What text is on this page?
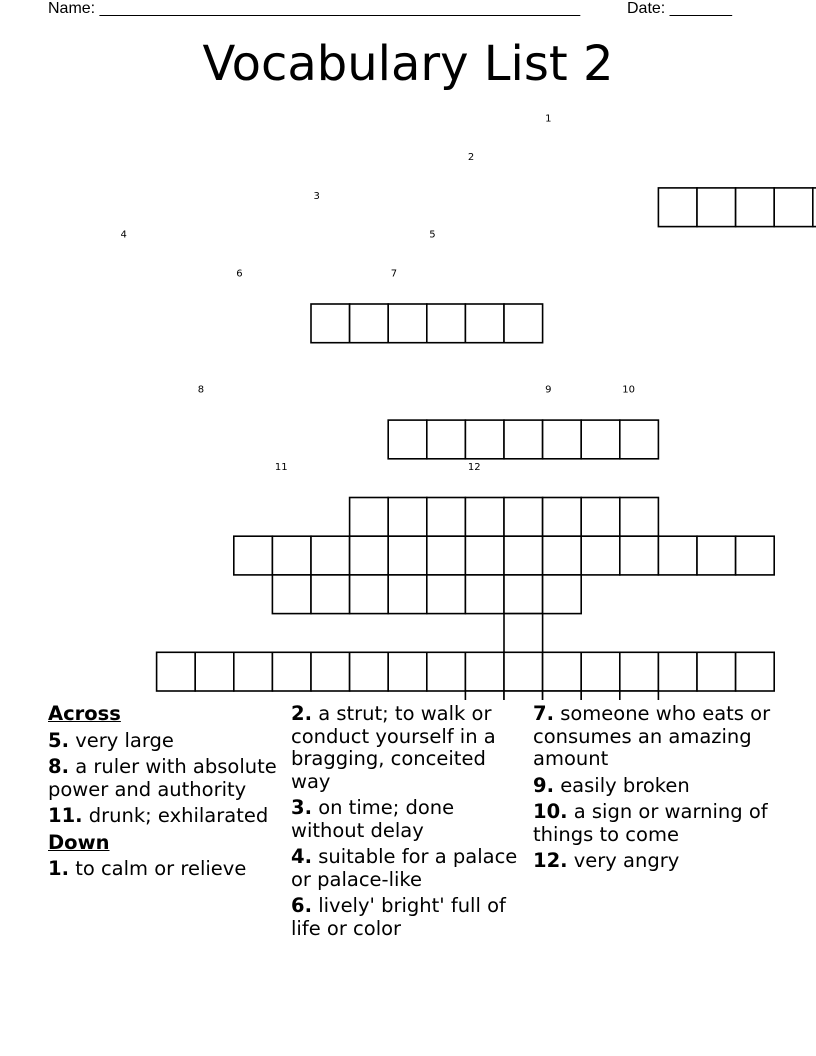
Name: ______________________________________________________	Date: _______
Vocabulary List 2
1
2
3
4	5
6	7
8	9	10
11	12
Across
5. very large
8. a ruler with absolute power and authority
11. drunk; exhilarated
Down
1. to calm or relieve
2. a strut; to walk or conduct yourself in a bragging, conceited way
3. on time; done without delay
4. suitable for a palace or palace-like
6. lively' bright' full of life or color
7. someone who eats or consumes an amazing amount
9. easily broken
10. a sign or warning of things to come
12. very angry
